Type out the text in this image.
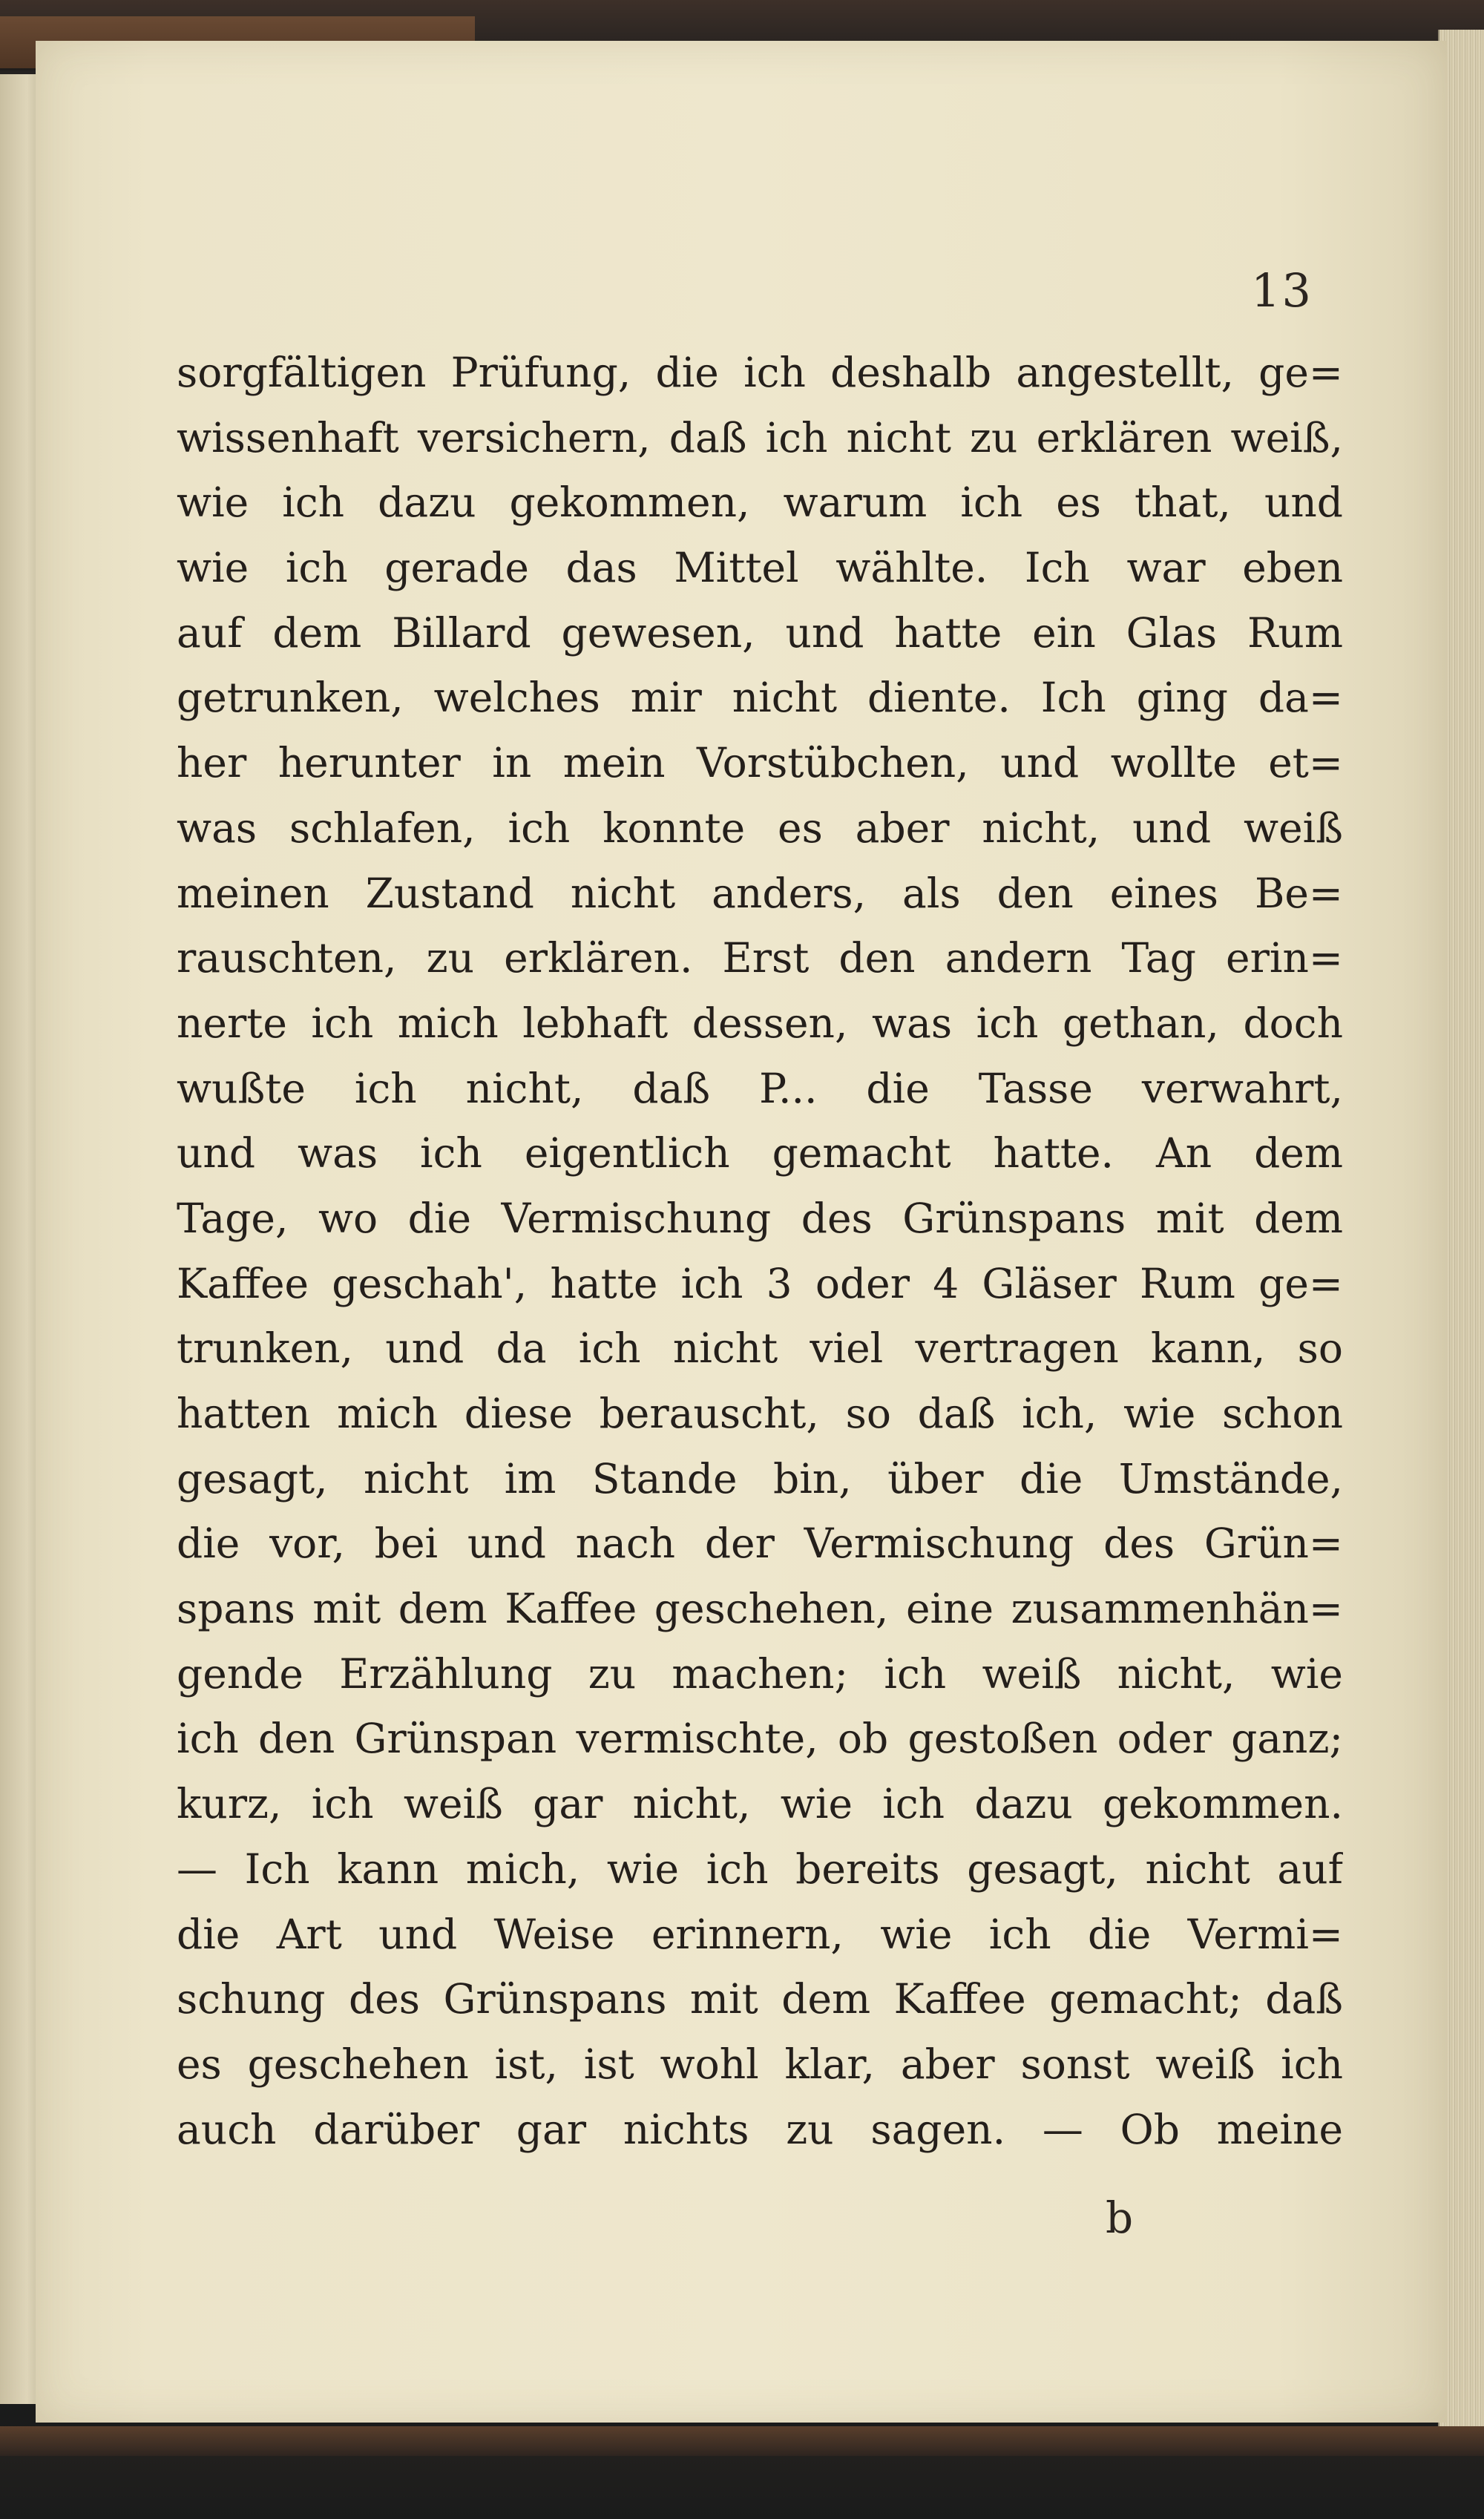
13
sorgfältigen Prüfung, die ich deshalb angestellt, ge=
wissenhaft versichern, daß ich nicht zu erklären weiß,
wie ich dazu gekommen, warum ich es that, und
wie ich gerade das Mittel wählte. Ich war eben
auf dem Billard gewesen, und hatte ein Glas Rum
getrunken, welches mir nicht diente. Ich ging da=
her herunter in mein Vorstübchen, und wollte et=
was schlafen, ich konnte es aber nicht, und weiß
meinen Zustand nicht anders, als den eines Be=
rauschten, zu erklären. Erst den andern Tag erin=
nerte ich mich lebhaft dessen, was ich gethan, doch
wußte ich nicht, daß P... die Tasse verwahrt,
und was ich eigentlich gemacht hatte. An dem
Tage, wo die Vermischung des Grünspans mit dem
Kaffee geschah', hatte ich 3 oder 4 Gläser Rum ge=
trunken, und da ich nicht viel vertragen kann, so
hatten mich diese berauscht, so daß ich, wie schon
gesagt, nicht im Stande bin, über die Umstände,
die vor, bei und nach der Vermischung des Grün=
spans mit dem Kaffee geschehen, eine zusammenhän=
gende Erzählung zu machen; ich weiß nicht, wie
ich den Grünspan vermischte, ob gestoßen oder ganz;
kurz, ich weiß gar nicht, wie ich dazu gekommen.
— Ich kann mich, wie ich bereits gesagt, nicht auf
die Art und Weise erinnern, wie ich die Vermi=
schung des Grünspans mit dem Kaffee gemacht; daß
es geschehen ist, ist wohl klar, aber sonst weiß ich
auch darüber gar nichts zu sagen. — Ob meine
b
